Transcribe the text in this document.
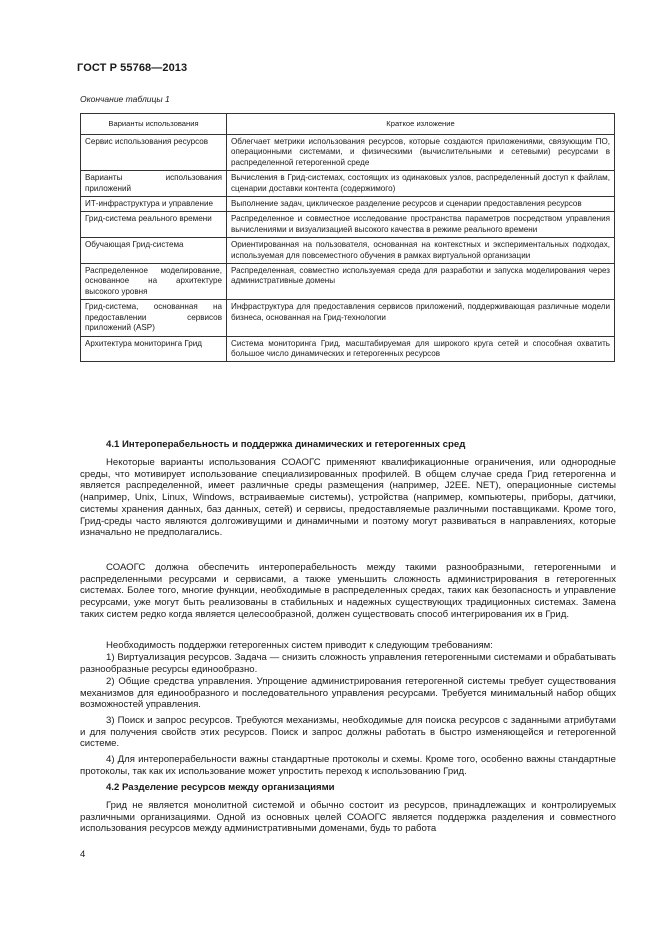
ГОСТ Р 55768—2013
Окончание таблицы 1
Варианты использования	Краткое изложение
Сервис использования ресурсов	Облегчает метрики использования ресурсов, которые создаются приложениями, связующим ПО, операционными системами, и физическими (вычислительными и сетевыми) ресурсами в распределенной гетерогенной среде
Варианты использования приложений	Вычисления в Грид-системах, состоящих из одинаковых узлов, распределенный доступ к файлам, сценарии доставки контента (содержимого)
ИТ-инфраструктура и управление	Выполнение задач, циклическое разделение ресурсов и сценарии предоставления ресурсов
Грид-система реального времени	Распределенное и совместное исследование пространства параметров посредством управления вычислениями и визуализацией высокого качества в режиме реального времени
Обучающая Грид-система	Ориентированная на пользователя, основанная на контекстных и экспериментальных подходах, используемая для повсеместного обучения в рамках виртуальной организации
Распределенное моделирование, основанное на архитектуре высокого уровня	Распределенная, совместно используемая среда для разработки и запуска моделирования через административные домены
Грид-система, основанная на предоставлении сервисов приложений (ASP)	Инфраструктура для предоставления сервисов приложений, поддерживающая различные модели бизнеса, основанная на Грид-технологии
Архитектура мониторинга Грид	Система мониторинга Грид, масштабируемая для широкого круга сетей и способная охватить большое число динамических и гетерогенных ресурсов
4.1 Интероперабельность и поддержка динамических и гетерогенных сред
Некоторые варианты использования СОАОГС применяют квалификационные ограничения, или однородные среды, что мотивирует использование специализированных профилей. В общем случае среда Грид гетерогенна и является распределенной, имеет различные среды размещения (например, J2EE. NET), операционные системы (например, Unix, Linux, Windows, встраиваемые системы), устройства (например, компьютеры, приборы, датчики, системы хранения данных, баз данных, сетей) и сервисы, предоставляемые различными поставщиками. Кроме того, Грид-среды часто являются долгоживущими и динамичными и поэтому могут развиваться в направлениях, которые изначально не предполагались.
СОАОГС должна обеспечить интероперабельность между такими разнообразными, гетерогенными и распределенными ресурсами и сервисами, а также уменьшить сложность администрирования в гетерогенных системах. Более того, многие функции, необходимые в распределенных средах, таких как безопасность и управление ресурсами, уже могут быть реализованы в стабильных и надежных существующих традиционных системах. Замена таких систем редко когда является целесообразной, должен существовать способ интегрирования их в Грид.
Необходимость поддержки гетерогенных систем приводит к следующим требованиям:
1) Виртуализация ресурсов. Задача — снизить сложность управления гетерогенными системами и обрабатывать разнообразные ресурсы единообразно.
2) Общие средства управления. Упрощение администрирования гетерогенной системы требует существования механизмов для единообразного и последовательного управления ресурсами. Требуется минимальный набор общих возможностей управления.
3) Поиск и запрос ресурсов. Требуются механизмы, необходимые для поиска ресурсов с заданными атрибутами и для получения свойств этих ресурсов. Поиск и запрос должны работать в быстро изменяющейся и гетерогенной системе.
4) Для интероперабельности важны стандартные протоколы и схемы. Кроме того, особенно важны стандартные протоколы, так как их использование может упростить переход к использованию Грид.
4.2 Разделение ресурсов между организациями
Грид не является монолитной системой и обычно состоит из ресурсов, принадлежащих и контролируемых различными организациями. Одной из основных целей СОАОГС является поддержка разделения и совместного использования ресурсов между административными доменами, будь то работа
4
